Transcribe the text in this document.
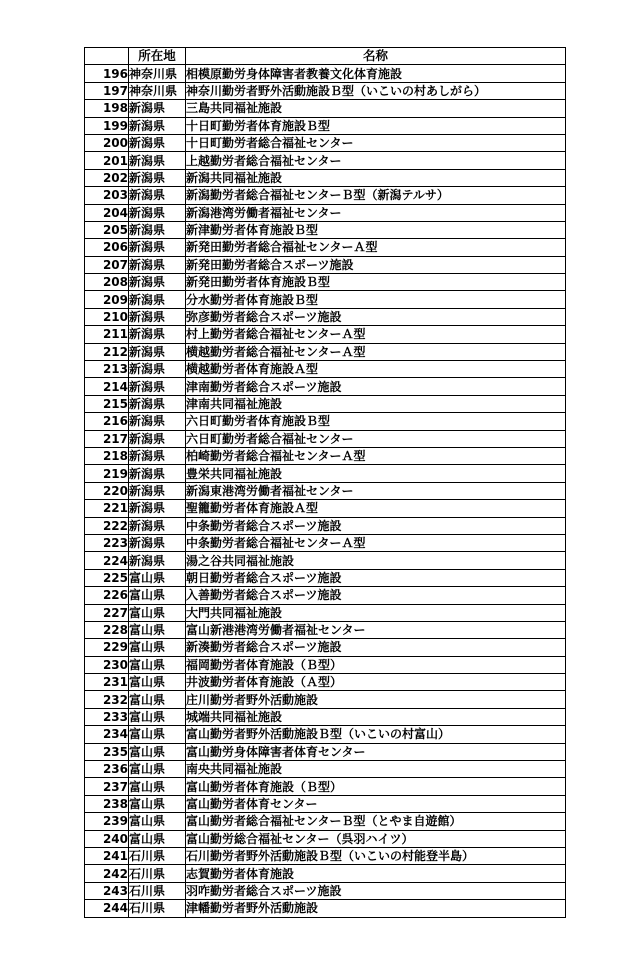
	所在地	名称
196	神奈川県	相模原勤労身体障害者教養文化体育施設
197	神奈川県	神奈川勤労者野外活動施設Ｂ型（いこいの村あしがら）
198	新潟県	三島共同福祉施設
199	新潟県	十日町勤労者体育施設Ｂ型
200	新潟県	十日町勤労者総合福祉センター
201	新潟県	上越勤労者総合福祉センター
202	新潟県	新潟共同福祉施設
203	新潟県	新潟勤労者総合福祉センターＢ型（新潟テルサ）
204	新潟県	新潟港湾労働者福祉センター
205	新潟県	新津勤労者体育施設Ｂ型
206	新潟県	新発田勤労者総合福祉センターＡ型
207	新潟県	新発田勤労者総合スポーツ施設
208	新潟県	新発田勤労者体育施設Ｂ型
209	新潟県	分水勤労者体育施設Ｂ型
210	新潟県	弥彦勤労者総合スポーツ施設
211	新潟県	村上勤労者総合福祉センターＡ型
212	新潟県	横越勤労者総合福祉センターＡ型
213	新潟県	横越勤労者体育施設Ａ型
214	新潟県	津南勤労者総合スポーツ施設
215	新潟県	津南共同福祉施設
216	新潟県	六日町勤労者体育施設Ｂ型
217	新潟県	六日町勤労者総合福祉センター
218	新潟県	柏崎勤労者総合福祉センターＡ型
219	新潟県	豊栄共同福祉施設
220	新潟県	新潟東港湾労働者福祉センター
221	新潟県	聖籠勤労者体育施設Ａ型
222	新潟県	中条勤労者総合スポーツ施設
223	新潟県	中条勤労者総合福祉センターＡ型
224	新潟県	湯之谷共同福祉施設
225	富山県	朝日勤労者総合スポーツ施設
226	富山県	入善勤労者総合スポーツ施設
227	富山県	大門共同福祉施設
228	富山県	富山新港港湾労働者福祉センター
229	富山県	新湊勤労者総合スポーツ施設
230	富山県	福岡勤労者体育施設（Ｂ型）
231	富山県	井波勤労者体育施設（Ａ型）
232	富山県	庄川勤労者野外活動施設
233	富山県	城端共同福祉施設
234	富山県	富山勤労者野外活動施設Ｂ型（いこいの村富山）
235	富山県	富山勤労身体障害者体育センター
236	富山県	南央共同福祉施設
237	富山県	富山勤労者体育施設（Ｂ型）
238	富山県	富山勤労者体育センター
239	富山県	富山勤労者総合福祉センターＢ型（とやま自遊館）
240	富山県	富山勤労総合福祉センター（呉羽ハイツ）
241	石川県	石川勤労者野外活動施設Ｂ型（いこいの村能登半島）
242	石川県	志賀勤労者体育施設
243	石川県	羽咋勤労者総合スポーツ施設
244	石川県	津幡勤労者野外活動施設
